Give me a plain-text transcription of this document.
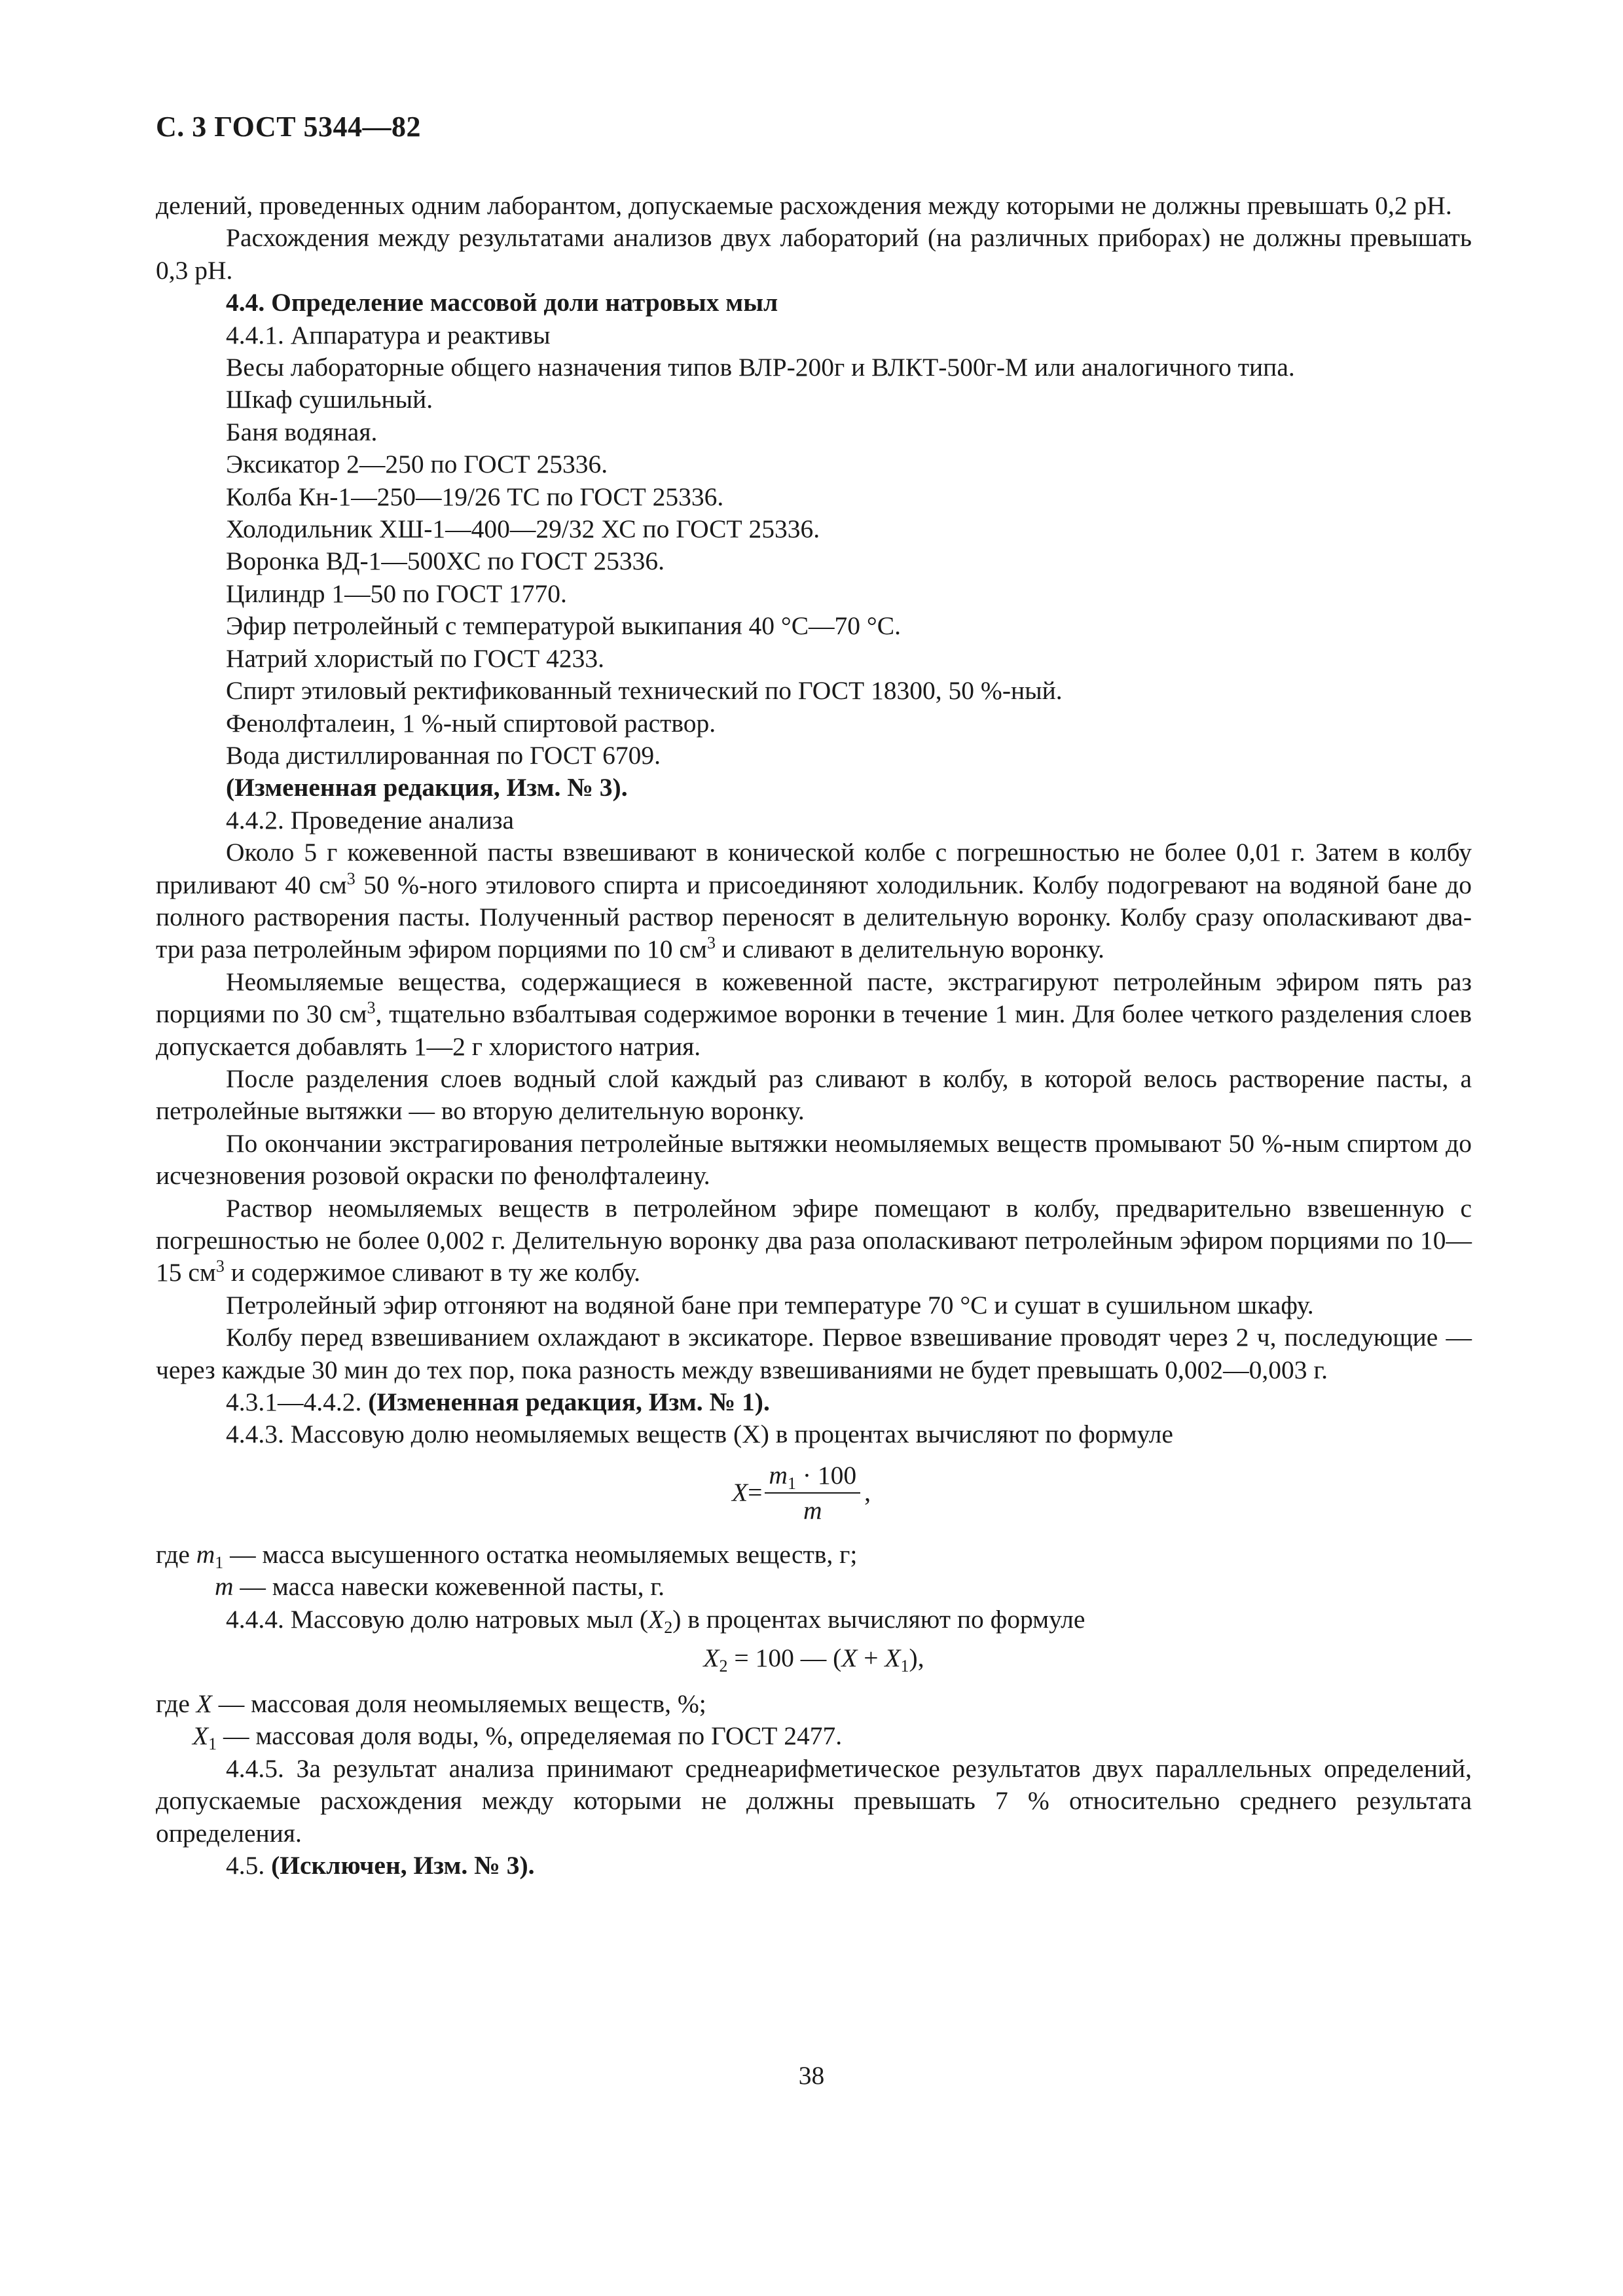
С. 3 ГОСТ 5344—82

делений, проведенных одним лаборантом, допускаемые расхождения между которыми не должны превышать 0,2 рН.

Расхождения между результатами анализов двух лабораторий (на различных приборах) не должны превышать 0,3 рН.

4.4. Определение массовой доли натровых мыл

4.4.1. Аппаратура и реактивы

Весы лабораторные общего назначения типов ВЛР-200г и ВЛКТ-500г-М или аналогичного типа.

Шкаф сушильный.

Баня водяная.

Эксикатор 2—250 по ГОСТ 25336.

Колба Кн-1—250—19/26 ТС по ГОСТ 25336.

Холодильник ХШ-1—400—29/32 ХС по ГОСТ 25336.

Воронка ВД-1—500ХС по ГОСТ 25336.

Цилиндр 1—50 по ГОСТ 1770.

Эфир петролейный с температурой выкипания 40 °С—70 °С.

Натрий хлористый по ГОСТ 4233.

Спирт этиловый ректификованный технический по ГОСТ 18300, 50 %-ный.

Фенолфталеин, 1 %-ный спиртовой раствор.

Вода дистиллированная по ГОСТ 6709.

(Измененная редакция, Изм. № 3).

4.4.2. Проведение анализа

Около 5 г кожевенной пасты взвешивают в конической колбе с погрешностью не более 0,01 г. Затем в колбу приливают 40 $см^3$ 50 %-ного этилового спирта и присоединяют холодильник. Колбу подогревают на водяной бане до полного растворения пасты. Полученный раствор переносят в делительную воронку. Колбу сразу ополаскивают два-три раза петролейным эфиром порциями по 10 $см^3$ и сливают в делительную воронку.

Неомыляемые вещества, содержащиеся в кожевенной пасте, экстрагируют петролейным эфиром пять раз порциями по 30 $см^3$, тщательно взбалтывая содержимое воронки в течение 1 мин. Для более четкого разделения слоев допускается добавлять 1—2 г хлористого натрия.

После разделения слоев водный слой каждый раз сливают в колбу, в которой велось растворение пасты, а петролейные вытяжки — во вторую делительную воронку.

По окончании экстрагирования петролейные вытяжки неомыляемых веществ промывают 50 %-ным спиртом до исчезновения розовой окраски по фенолфталеину.

Раствор неомыляемых веществ в петролейном эфире помещают в колбу, предварительно взвешенную с погрешностью не более 0,002 г. Делительную воронку два раза ополаскивают петролейным эфиром порциями по 10—15 $см^3$ и содержимое сливают в ту же колбу.

Петролейный эфир отгоняют на водяной бане при температуре 70 °С и сушат в сушильном шкафу.

Колбу перед взвешиванием охлаждают в эксикаторе. Первое взвешивание проводят через 2 ч, последующие — через каждые 30 мин до тех пор, пока разность между взвешиваниями не будет превышать 0,002—0,003 г.

4.3.1—4.4.2. (Измененная редакция, Изм. № 1).

4.4.3. Массовую долю неомыляемых веществ (X) в процентах вычисляют по формуле

$X = \frac{m_1 \cdot 100}{m}$ ,

где $m_1$ — масса высушенного остатка неомыляемых веществ, г;

m — масса навески кожевенной пасты, г.

4.4.4. Массовую долю натровых мыл $(X_2)$ в процентах вычисляют по формуле

$X_2 = 100$ — $(X + X_1)$,

где X — массовая доля неомыляемых веществ, %;

$X_1$ — массовая доля воды, %, определяемая по ГОСТ 2477.

4.4.5. За результат анализа принимают среднеарифметическое результатов двух параллельных определений, допускаемые расхождения между которыми не должны превышать 7 % относительно среднего результата определения.

4.5. (Исключен, Изм. № 3).

38
